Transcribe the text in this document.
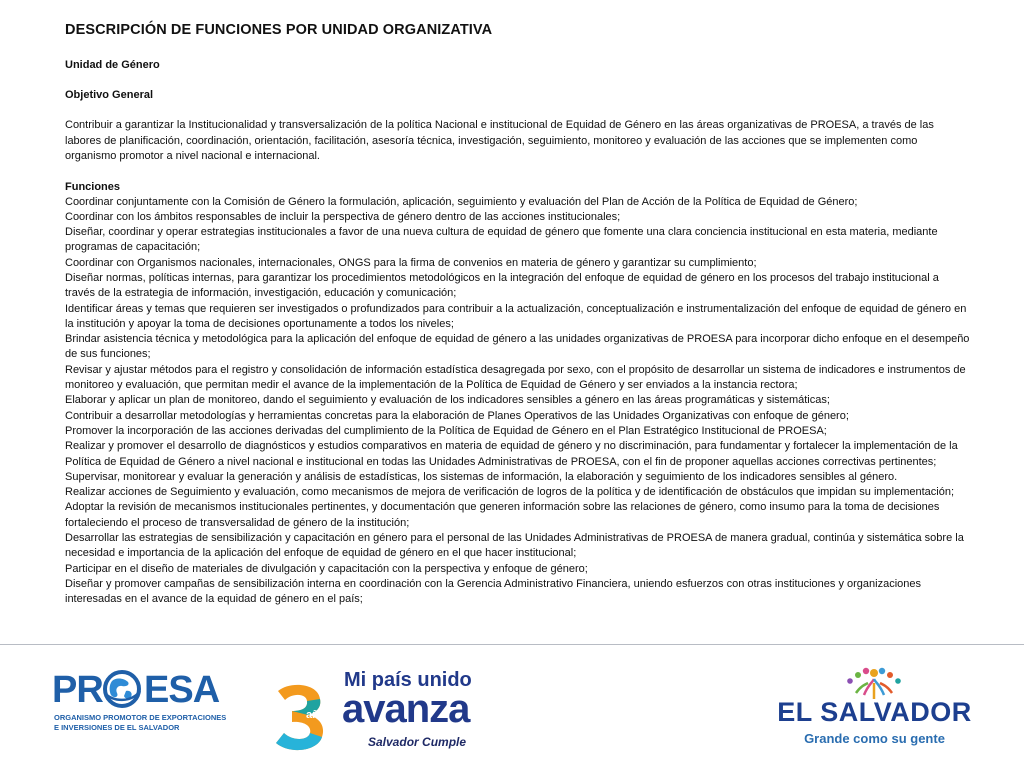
DESCRIPCIÓN DE FUNCIONES POR UNIDAD ORGANIZATIVA

Unidad de Género

Objetivo General

Contribuir a garantizar la Institucionalidad y transversalización de la política Nacional e institucional de Equidad de Género en las áreas organizativas de PROESA, a través de las labores de planificación, coordinación, orientación, facilitación, asesoría técnica, investigación, seguimiento, monitoreo y evaluación de las acciones que se implementen como organismo promotor a nivel nacional e internacional.

Funciones

Coordinar conjuntamente con la Comisión de Género la formulación, aplicación, seguimiento y evaluación del Plan de Acción de la Política de Equidad de Género;
Coordinar con los ámbitos responsables de incluir la perspectiva de género dentro de las acciones institucionales;
Diseñar, coordinar y operar estrategias institucionales a favor de una nueva cultura de equidad de género que fomente una clara conciencia institucional en esta materia, mediante programas de capacitación;
Coordinar con Organismos nacionales, internacionales, ONGS para la firma de convenios en materia de género y garantizar su cumplimiento;
Diseñar normas, políticas internas, para garantizar los procedimientos metodológicos en la integración del enfoque de equidad de género en los procesos del trabajo institucional a través de la estrategia de información, investigación, educación y comunicación;
Identificar áreas y temas que requieren ser investigados o profundizados para contribuir a la actualización, conceptualización e instrumentalización del enfoque de equidad de género en la institución y apoyar la toma de decisiones oportunamente a todos los niveles;
Brindar asistencia técnica y metodológica para la aplicación del enfoque de equidad de género a las unidades organizativas de PROESA para incorporar dicho enfoque en el desempeño de sus funciones;
Revisar y ajustar métodos para el registro y consolidación de información estadística desagregada por sexo, con el propósito de desarrollar un sistema de indicadores e instrumentos de monitoreo y evaluación, que permitan medir el avance de la implementación de la Política de Equidad de Género y ser enviados a la instancia rectora;
Elaborar y aplicar un plan de monitoreo, dando el seguimiento y evaluación de los indicadores sensibles a género en las áreas programáticas y sistemáticas;
Contribuir a desarrollar metodologías y herramientas concretas para la elaboración de Planes Operativos de las Unidades Organizativas con enfoque de género;
Promover la incorporación de las acciones derivadas del cumplimiento de la Política de Equidad de Género en el Plan Estratégico Institucional de PROESA;
Realizar y promover el desarrollo de diagnósticos y estudios comparativos en materia de equidad de género y no discriminación, para fundamentar y fortalecer la implementación de la Política de Equidad de Género a nivel nacional e institucional en todas las Unidades Administrativas de PROESA, con el fin de proponer aquellas acciones correctivas pertinentes;
Supervisar, monitorear y evaluar la generación y análisis de estadísticas, los sistemas de información, la elaboración y seguimiento de los indicadores sensibles al género.
Realizar acciones de Seguimiento y evaluación, como mecanismos de mejora de verificación de logros de la política y de identificación de obstáculos que impidan su implementación;
Adoptar la revisión de mecanismos institucionales pertinentes, y documentación que generen información sobre las relaciones de género, como insumo para la toma de decisiones fortaleciendo el proceso de transversalidad de género de la institución;
Desarrollar las estrategias de sensibilización y capacitación en género para el personal de las Unidades Administrativas de PROESA de manera gradual, continúa y sistemática sobre la necesidad e importancia de la aplicación del enfoque de equidad de género en el que hacer institucional;
Participar en el diseño de materiales de divulgación y capacitación con la perspectiva y enfoque de género;
Diseñar y promover campañas de sensibilización interna en coordinación con la Gerencia Administrativo Financiera, uniendo esfuerzos con otras instituciones y organizaciones interesadas en el avance de la equidad de género en el país;
PR ESA
ORGANISMO PROMOTOR DE EXPORTACIONES
E INVERSIONES DE EL SALVADOR
años
Mi país unido
avanza
Salvador Cumple
EL SALVADOR
Grande como su gente
